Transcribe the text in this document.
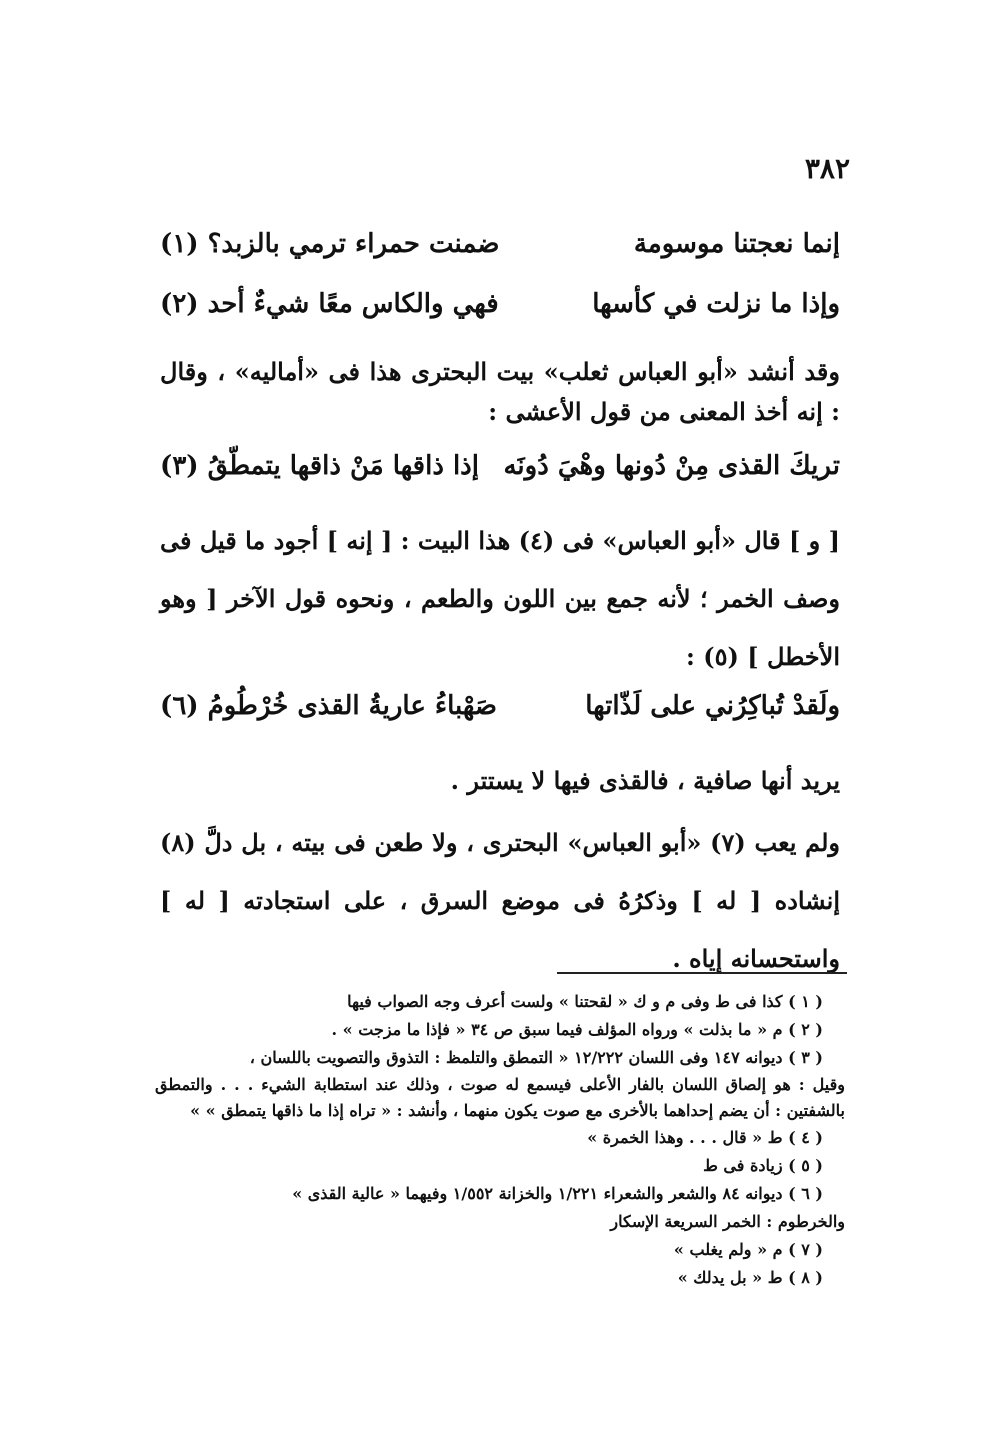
٣٨٢
إنما نعجتنا موسومة
ضمنت حمراء ترمي بالزبد؟ (١)
وإذا ما نزلت في كأسها
فهي والكاس معًا شيءٌ أحد (٢)
وقد أنشد «أبو العباس ثعلب» بيت البحترى هذا فى «أماليه» ، وقال : إنه أخذ المعنى من قول الأعشى :
تريكَ القذى مِنْ دُونها وهْيَ دُونَه
إذا ذاقها مَنْ ذاقها يتمطّقُ (٣)
[ و ] قال «أبو العباس» فى (٤) هذا البيت : [ إنه ] أجود ما قيل فى وصف الخمر ؛ لأنه جمع بين اللون والطعم ، ونحوه قول الآخر [ وهو الأخطل ] (٥) :
ولَقدْ تُباكِرُني على لَذّاتها
صَهْباءُ عاريةُ القذى خُرْطُومُ (٦)
يريد أنها صافية ، فالقذى فيها لا يستتر .
ولم يعب (٧) «أبو العباس» البحترى ، ولا طعن فى بيته ، بل دلَّ (٨) إنشاده [ له ] وذكرُهُ فى موضع السرق ، على استجادته [ له ] واستحسانه إياه .
( ١ ) كذا فى ط وفى م و ك « لقحتنا » ولست أعرف وجه الصواب فيها
( ٢ ) م « ما بذلت » ورواه المؤلف فيما سبق ص ٣٤ « فإذا ما مزجت » .
( ٣ ) ديوانه ١٤٧ وفى اللسان ١٢/٢٢٢ « التمطق والتلمظ : التذوق والتصويت باللسان ،
وقيل : هو إلصاق اللسان بالفار الأعلى فيسمع له صوت ، وذلك عند استطابة الشيء . . . والتمطق بالشفتين : أن يضم إحداهما بالأخرى مع صوت يكون منهما ، وأنشد : « تراه إذا ما ذاقها يتمطق » »
( ٤ ) ط « قال . . . وهذا الخمرة »
( ٥ ) زيادة فى ط
( ٦ ) ديوانه ٨٤ والشعر والشعراء ١/٢٢١ والخزانة ١/٥٥٢ وفيهما « عالية القذى »
والخرطوم : الخمر السريعة الإسكار
( ٧ ) م « ولم يغلب »
( ٨ ) ط « بل يدلك »
